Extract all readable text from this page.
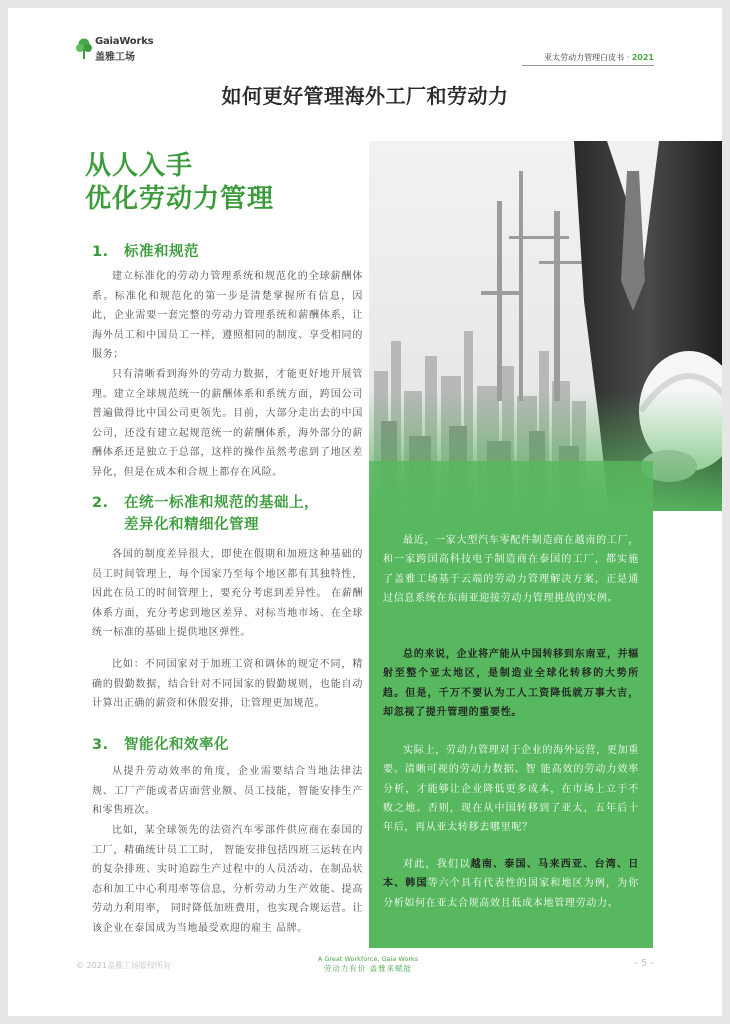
GaiaWorks
盖雅工场	亚太劳动力管理白皮书 · 2021
如何更好管理海外工厂和劳动力
从人入手
优化劳动力管理
1. 标准和规范

建立标准化的劳动力管理系统和规范化的全球薪酬体系。标准化和规范化的第一步是清楚掌握所有信息，因此，企业需要一套完整的劳动力管理系统和薪酬体系，让海外员工和中国员工一样，遵照相同的制度、享受相同的服务；

只有清晰看到海外的劳动力数据，才能更好地开展管理。建立全球规范统一的薪酬体系和系统方面，跨国公司普遍做得比中国公司更领先。目前，大部分走出去的中国公司，还没有建立起规范统一的薪酬体系，海外部分的薪酬体系还是独立于总部，这样的操作虽然考虑到了地区差异化，但是在成本和合规上都存在风险。

2. 在统一标准和规范的基础上，
差异化和精细化管理

各国的制度差异很大，即使在假期和加班这种基础的员工时间管理上，每个国家乃至每个地区都有其独特性，因此在员工的时间管理上，要充分考虑到差异性。 在薪酬体系方面，充分考虑到地区差异、对标当地市场、在全球统一标准的基础上提供地区弹性。

比如：不同国家对于加班工资和调休的规定不同，精确的假勤数据，结合针对不同国家的假勤规则，也能自动计算出正确的薪资和休假安排，让管理更加规范。

3. 智能化和效率化

从提升劳动效率的角度，企业需要结合当地法律法规、工厂产能或者店面营业额、员工技能，智能安排生产和零售班次。

比如，某全球领先的法资汽车零部件供应商在泰国的工厂，精确统计员工工时， 智能安排包括四班三运转在内的复杂排班、实时追踪生产过程中的人员活动、在制品状态和加工中心利用率等信息，分析劳动力生产效能、提高劳动力利用率， 同时降低加班费用，也实现合规运营。让该企业在泰国成为当地最受欢迎的雇主 品牌。

最近，一家大型汽车零配件制造商在越南的工厂，和一家跨国高科技电子制造商在泰国的工厂，都实施了盖雅工场基于云端的劳动力管理解决方案，正是通过信息系统在东南亚迎接劳动力管理挑战的实例。

总的来说，企业将产能从中国转移到东南亚，并辐射至整个亚太地区，是制造业全球化转移的大势所趋。但是，千万不要认为工人工资降低就万事大吉，却忽视了提升管理的重要性。

实际上，劳动力管理对于企业的海外运营，更加重要。清晰可视的劳动力数据、智 能高效的劳动力效率分析，才能够让企业降低更多成本，在市场上立于不败之地。否则，现在从中国转移到了亚太，五年后十年后，再从亚太转移去哪里呢？

对此，我们以越南、泰国、马来西亚、台湾、日本、韩国等六个具有代表性的国家和地区为例，为你分析如何在亚太合规高效且低成本地管理劳动力。

© 2021盖雅工场版权所有
A Great Workforce, Gaia Works
劳动力有价 盖雅来赋能	- 5 -
